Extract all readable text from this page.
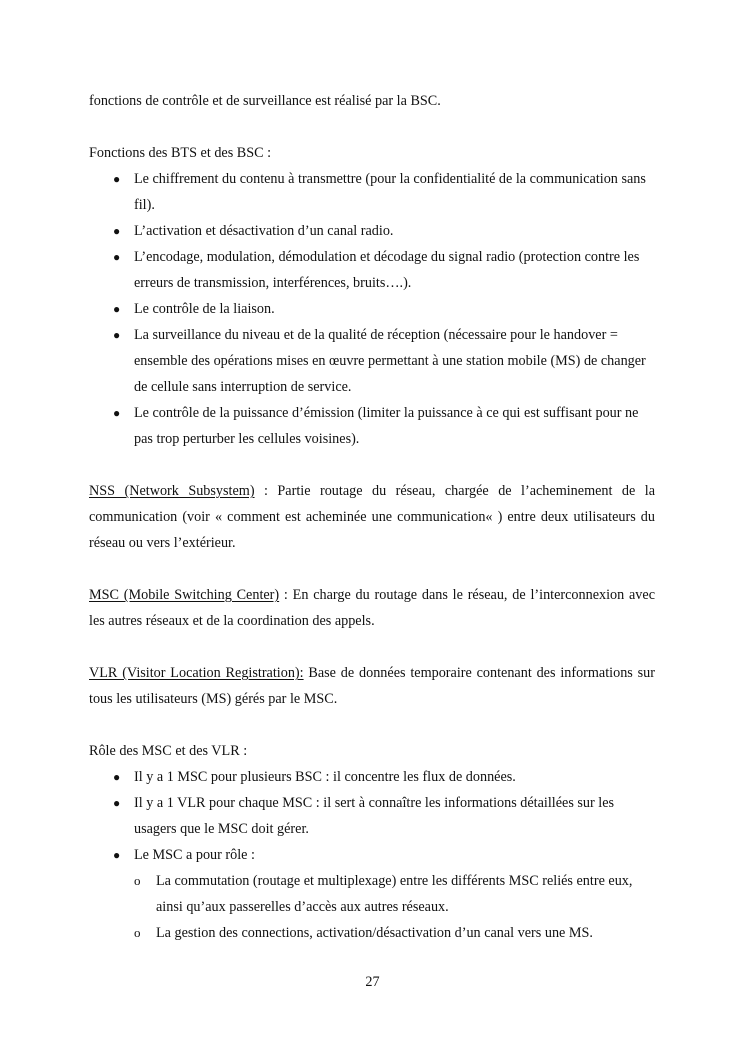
fonctions de contrôle et de surveillance est réalisé par la BSC.

Fonctions des BTS et des BSC :

● Le chiffrement du contenu à transmettre (pour la confidentialité de la communication sans fil).
● L’activation et désactivation d’un canal radio.
● L’encodage, modulation, démodulation et décodage du signal radio (protection contre les erreurs de transmission, interférences, bruits….).
● Le contrôle de la liaison.
● La surveillance du niveau et de la qualité de réception (nécessaire pour le handover = ensemble des opérations mises en œuvre permettant à une station mobile (MS) de changer de cellule sans interruption de service.
● Le contrôle de la puissance d’émission (limiter la puissance à ce qui est suffisant pour ne pas trop perturber les cellules voisines).

NSS (Network Subsystem) : Partie routage du réseau, chargée de l’acheminement de la communication (voir « comment est acheminée une communication« ) entre deux utilisateurs du réseau ou vers l’extérieur.

MSC (Mobile Switching Center) : En charge du routage dans le réseau, de l’interconnexion avec les autres réseaux et de la coordination des appels.

VLR (Visitor Location Registration): Base de données temporaire contenant des informations sur tous les utilisateurs (MS) gérés par le MSC.

Rôle des MSC et des VLR :

● Il y a 1 MSC pour plusieurs BSC : il concentre les flux de données.
● Il y a 1 VLR pour chaque MSC : il sert à connaître les informations détaillées sur les usagers que le MSC doit gérer.
● Le MSC a pour rôle :
o La commutation (routage et multiplexage) entre les différents MSC reliés entre eux, ainsi qu’aux passerelles d’accès aux autres réseaux.
o La gestion des connections, activation/désactivation d’un canal vers une MS.
27
